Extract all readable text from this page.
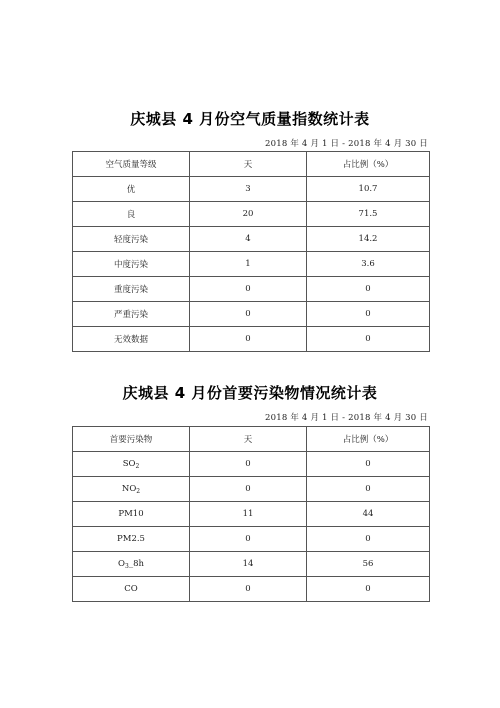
庆城县 4 月份空气质量指数统计表
2018 年 4 月 1 日 - 2018 年 4 月 30 日
空气质量等级	天	占比例（%）
优	3	10.7
良	20	71.5
轻度污染	4	14.2
中度污染	1	3.6
重度污染	0	0
严重污染	0	0
无效数据	0	0
庆城县 4 月份首要污染物情况统计表
2018 年 4 月 1 日 - 2018 年 4 月 30 日
首要污染物	天	占比例（%）
$SO_2$	0	0
$NO_2$	0	0
PM10	11	44
PM2.5	0	0
$O_3\_8h$	14	56
CO	0	0
